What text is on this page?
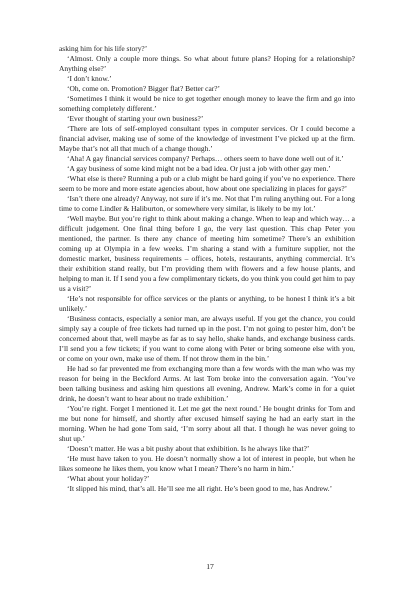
asking him for his life story?’

‘Almost. Only a couple more things. So what about future plans? Hoping for a relationship? Anything else?’

‘I don’t know.’

‘Oh, come on. Promotion? Bigger flat? Better car?’

‘Sometimes I think it would be nice to get together enough money to leave the firm and go into something completely different.’

‘Ever thought of starting your own business?’

‘There are lots of self-employed consultant types in computer services. Or I could become a financial adviser, making use of some of the knowledge of investment I’ve picked up at the firm. Maybe that’s not all that much of a change though.’

‘Aha! A gay financial services company? Perhaps… others seem to have done well out of it.’

‘A gay business of some kind might not be a bad idea. Or just a job with other gay men.’

‘What else is there? Running a pub or a club might be hard going if you’ve no experience. There seem to be more and more estate agencies about, how about one specializing in places for gays?’

‘Isn’t there one already? Anyway, not sure if it’s me. Not that I’m ruling anything out. For a long time to come Lindler & Haliburton, or somewhere very similar, is likely to be my lot.’

‘Well maybe. But you’re right to think about making a change. When to leap and which way… a difficult judgement. One final thing before I go, the very last question. This chap Peter you mentioned, the partner. Is there any chance of meeting him sometime? There’s an exhibition coming up at Olympia in a few weeks. I’m sharing a stand with a furniture supplier, not the domestic market, business requirements – offices, hotels, restaurants, anything commercial. It’s their exhibition stand really, but I’m providing them with flowers and a few house plants, and helping to man it. If I send you a few complimentary tickets, do you think you could get him to pay us a visit?’

‘He’s not responsible for office services or the plants or anything, to be honest I think it’s a bit unlikely.’

‘Business contacts, especially a senior man, are always useful. If you get the chance, you could simply say a couple of free tickets had turned up in the post. I’m not going to pester him, don’t be concerned about that, well maybe as far as to say hello, shake hands, and exchange business cards. I’ll send you a few tickets; if you want to come along with Peter or bring someone else with you, or come on your own, make use of them. If not throw them in the bin.’

He had so far prevented me from exchanging more than a few words with the man who was my reason for being in the Beckford Arms. At last Tom broke into the conversation again. ‘You’ve been talking business and asking him questions all evening, Andrew. Mark’s come in for a quiet drink, he doesn’t want to hear about no trade exhibition.’

‘You’re right. Forget I mentioned it. Let me get the next round.’ He bought drinks for Tom and me but none for himself, and shortly after excused himself saying he had an early start in the morning. When he had gone Tom said, ‘I’m sorry about all that. I though he was never going to shut up.’

‘Doesn’t matter. He was a bit pushy about that exhibition. Is he always like that?’

‘He must have taken to you. He doesn’t normally show a lot of interest in people, but when he likes someone he likes them, you know what I mean? There’s no harm in him.’

‘What about your holiday?’

‘It slipped his mind, that’s all. He’ll see me all right. He’s been good to me, has Andrew.’

17
